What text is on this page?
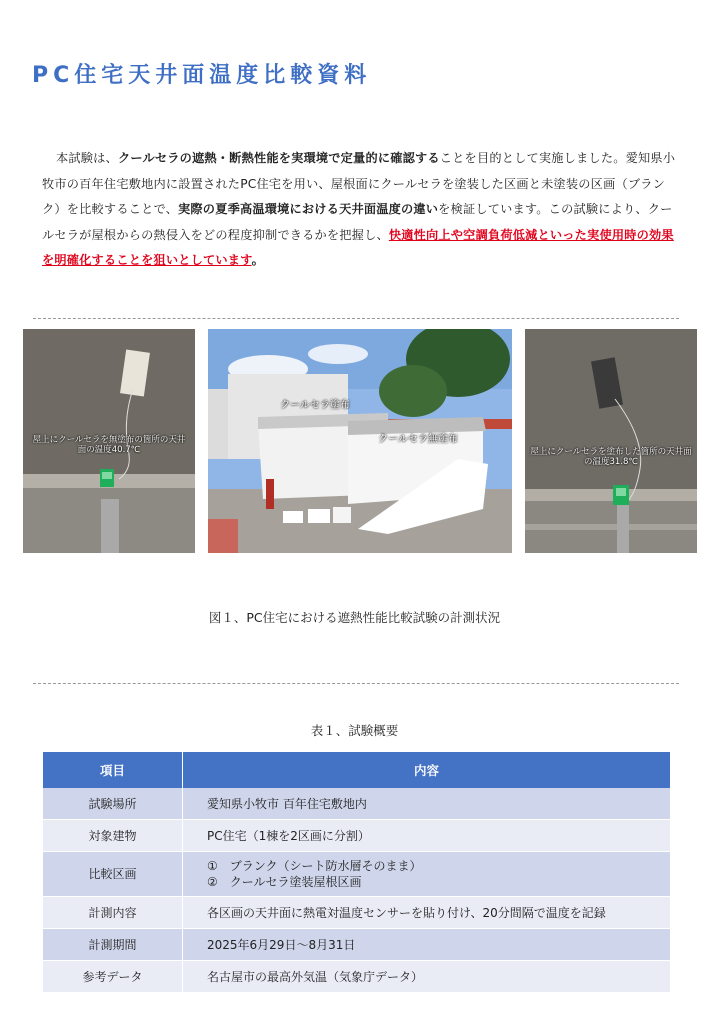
PC住宅天井面温度比較資料
本試験は、クールセラの遮熱・断熱性能を実環境で定量的に確認することを目的として実施しました。愛知県小牧市の百年住宅敷地内に設置されたPC住宅を用い、屋根面にクールセラを塗装した区画と未塗装の区画（ブランク）を比較することで、実際の夏季高温環境における天井面温度の違いを検証しています。この試験により、クールセラが屋根からの熱侵入をどの程度抑制できるかを把握し、快適性向上や空調負荷低減といった実使用時の効果を明確化することを狙いとしています。
屋上にクールセラを無塗布の箇所の天井面の温度40.7℃
クールセラ塗布
クールセラ無塗布
屋上にクールセラを塗布した箇所の天井面の温度31.8℃
図１、PC住宅における遮熱性能比較試験の計測状況
表１、試験概要
項目	内容
試験場所	愛知県小牧市 百年住宅敷地内
対象建物	PC住宅（1棟を2区画に分割）
比較区画	①　ブランク（シート防水層そのまま）
②　クールセラ塗装屋根区画

計測内容	各区画の天井面に熱電対温度センサーを貼り付け、20分間隔で温度を記録
計測期間	2025年6月29日～8月31日
参考データ	名古屋市の最高外気温（気象庁データ）
